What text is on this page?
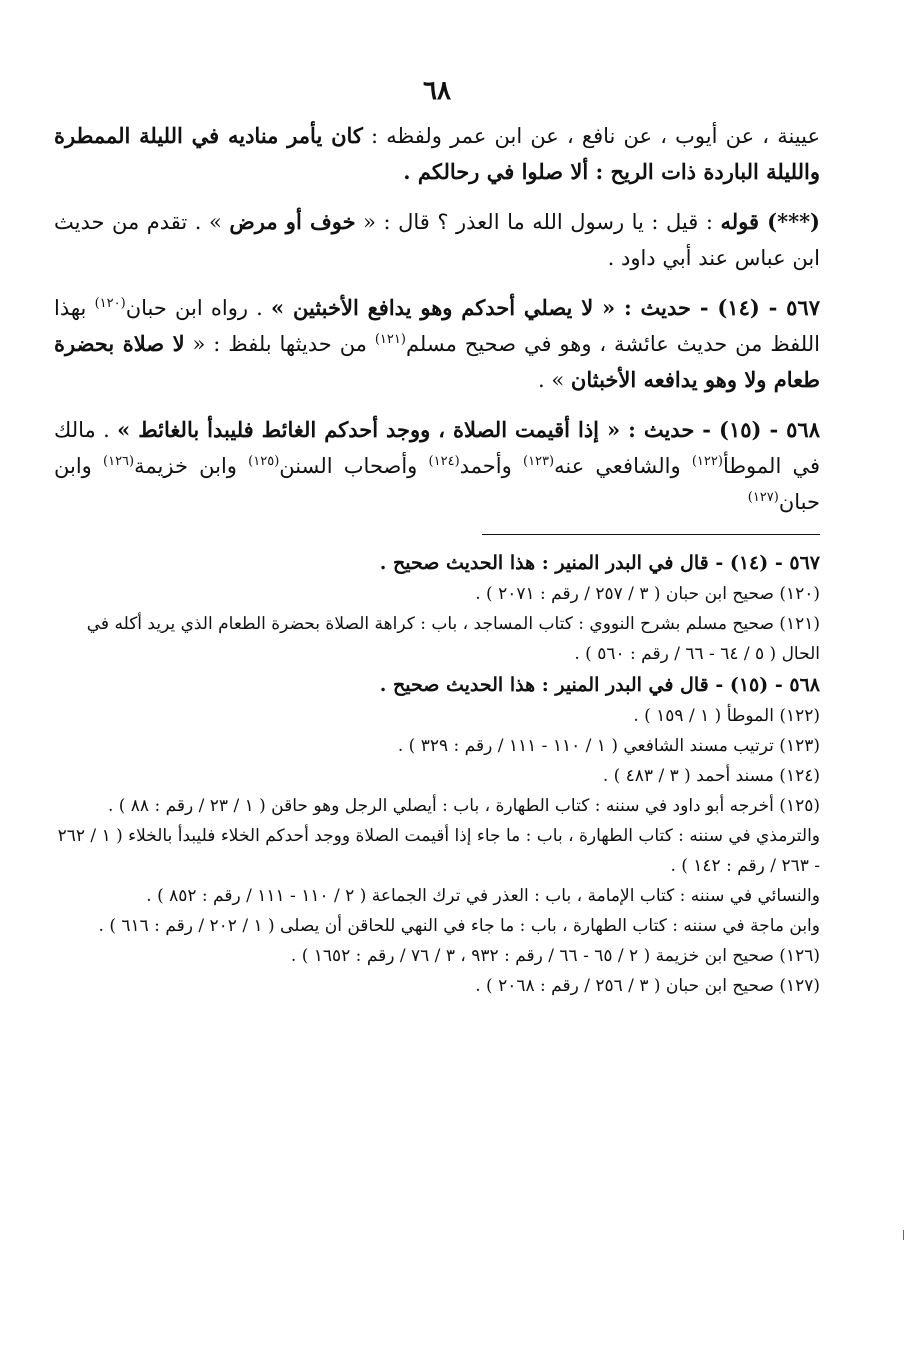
٦٨

عيينة ، عن أيوب ، عن نافع ، عن ابن عمر ولفظه : كان يأمر مناديه في الليلة الممطرة والليلة الباردة ذات الريح : ألا صلوا في رحالكم .

(***) قوله : قيل : يا رسول الله ما العذر ؟ قال : « خوف أو مرض » . تقدم من حديث ابن عباس عند أبي داود .

٥٦٧ - (١٤) - حديث : « لا يصلي أحدكم وهو يدافع الأخبثين » . رواه ابن حبان$^{(١٢٠)}$ بهذا اللفظ من حديث عائشة ، وهو في صحيح مسلم$^{(١٢١)}$ من حديثها بلفظ : « لا صلاة بحضرة طعام ولا وهو يدافعه الأخبثان » .

٥٦٨ - (١٥) - حديث : « إذا أقيمت الصلاة ، ووجد أحدكم الغائط فليبدأ بالغائط » . مالك في الموطأ$^{(١٢٢)}$ والشافعي عنه$^{(١٢٣)}$ وأحمد$^{(١٢٤)}$ وأصحاب السنن$^{(١٢٥)}$ وابن خزيمة$^{(١٢٦)}$ وابن حبان$^{(١٢٧)}$

٥٦٧ - (١٤) - قال في البدر المنير : هذا الحديث صحيح .
(١٢٠) صحيح ابن حبان ( ٣ / ٢٥٧ / رقم : ٢٠٧١ ) .
(١٢١) صحيح مسلم بشرح النووي : كتاب المساجد ، باب : كراهة الصلاة بحضرة الطعام الذي يريد أكله في الحال ( ٥ / ٦٤ - ٦٦ / رقم : ٥٦٠ ) .
٥٦٨ - (١٥) - قال في البدر المنير : هذا الحديث صحيح .
(١٢٢) الموطأ ( ١ / ١٥٩ ) .
(١٢٣) ترتيب مسند الشافعي ( ١ / ١١٠ - ١١١ / رقم : ٣٢٩ ) .
(١٢٤) مسند أحمد ( ٣ / ٤٨٣ ) .
(١٢٥) أخرجه أبو داود في سننه : كتاب الطهارة ، باب : أيصلي الرجل وهو حاقن ( ١ / ٢٣ / رقم : ٨٨ ) .
والترمذي في سننه : كتاب الطهارة ، باب : ما جاء إذا أقيمت الصلاة ووجد أحدكم الخلاء فليبدأ بالخلاء ( ١ / ٢٦٢ - ٢٦٣ / رقم : ١٤٢ ) .
والنسائي في سننه : كتاب الإمامة ، باب : العذر في ترك الجماعة ( ٢ / ١١٠ - ١١١ / رقم : ٨٥٢ ) .
وابن ماجة في سننه : كتاب الطهارة ، باب : ما جاء في النهي للحاقن أن يصلى ( ١ / ٢٠٢ / رقم : ٦١٦ ) .
(١٢٦) صحيح ابن خزيمة ( ٢ / ٦٥ - ٦٦ / رقم : ٩٣٢ ، ٣ / ٧٦ / رقم : ١٦٥٢ ) .
(١٢٧) صحيح ابن حبان ( ٣ / ٢٥٦ / رقم : ٢٠٦٨ ) .
